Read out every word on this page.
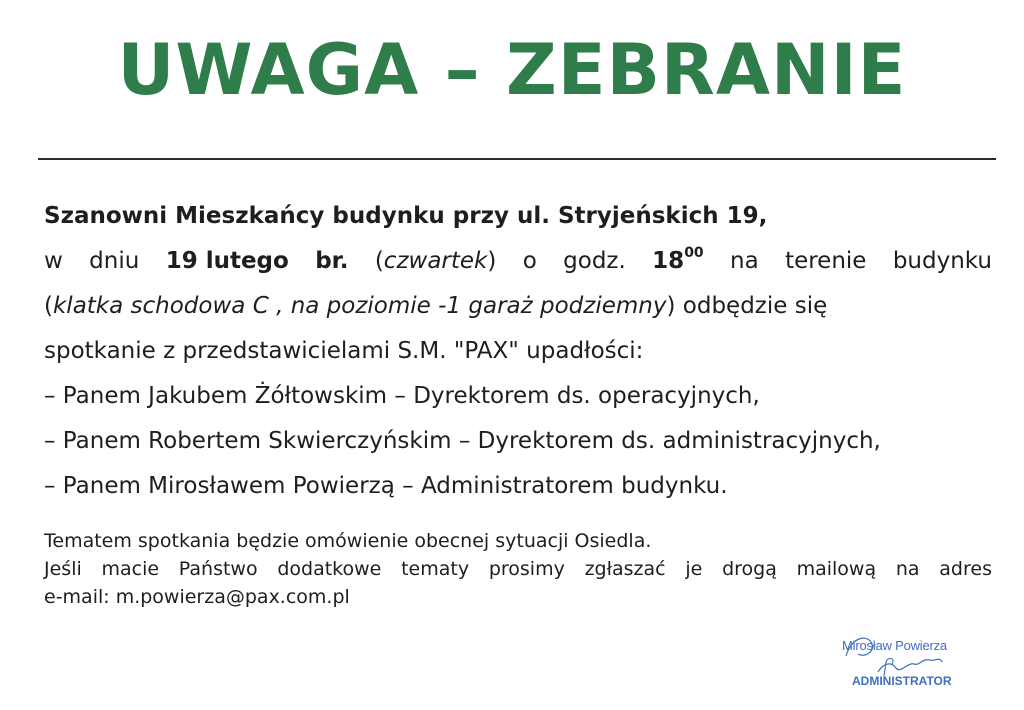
UWAGA – ZEBRANIE
Szanowni Mieszkańcy budynku przy ul. Stryjeńskich 19,
w dniu 19 lutego br. (czwartek) o godz. $18^{00}$ na terenie budynku
(klatka schodowa C , na poziomie -1 garaż podziemny) odbędzie się
spotkanie z przedstawicielami S.M. "PAX" upadłości:
– Panem Jakubem Żółtowskim – Dyrektorem ds. operacyjnych,
– Panem Robertem Skwierczyńskim – Dyrektorem ds. administracyjnych,
– Panem Mirosławem Powierzą – Administratorem budynku.
Tematem spotkania będzie omówienie obecnej sytuacji Osiedla.
Jeśli macie Państwo dodatkowe tematy prosimy zgłaszać je drogą mailową na adres
e-mail: m.powierza@pax.com.pl
Mirosław Powierza
ADMINISTRATOR
